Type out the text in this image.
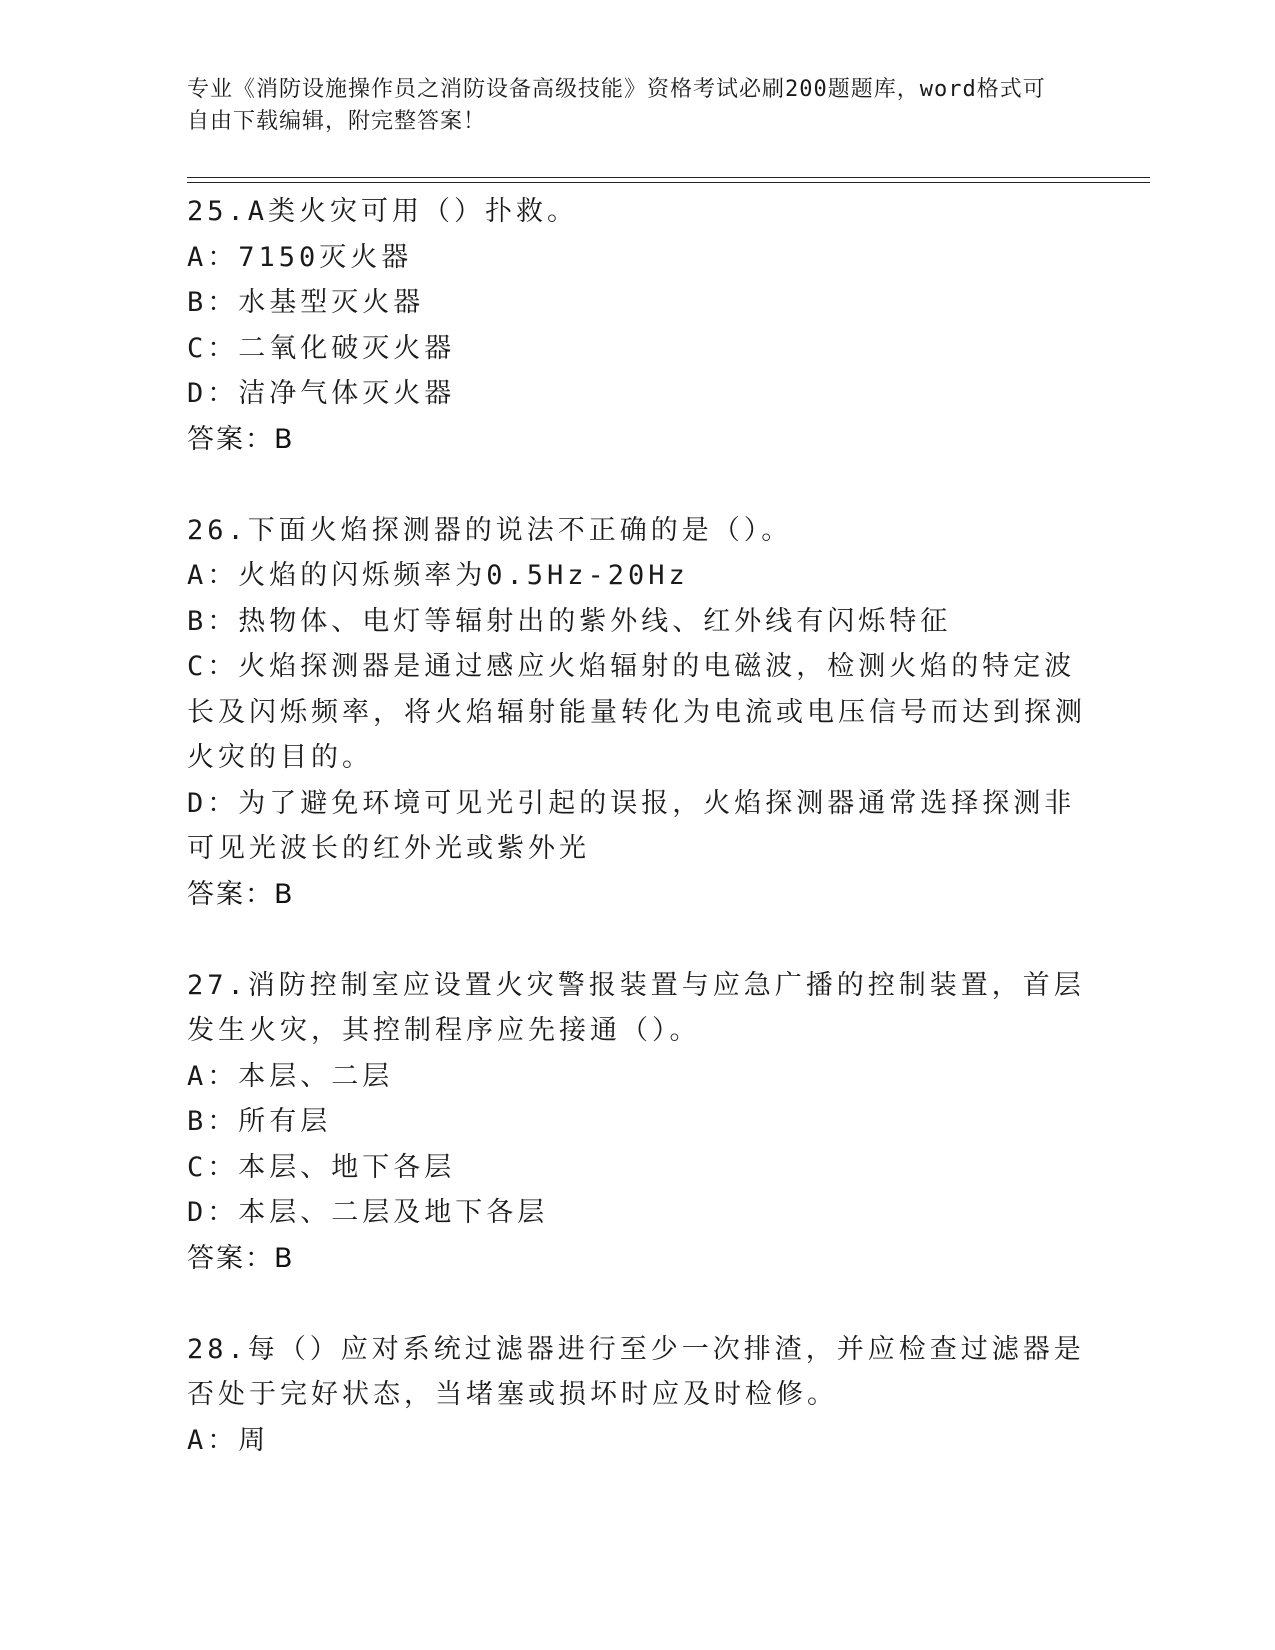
专业《消防设施操作员之消防设备高级技能》资格考试必刷200题题库，word格式可自由下载编辑，附完整答案！
25.A类火灾可用（）扑救。
A：7150灭火器
B：水基型灭火器
C：二氧化破灭火器
D：洁净气体灭火器
答案：B
26.下面火焰探测器的说法不正确的是（）。
A：火焰的闪烁频率为0.5Hz-20Hz
B：热物体、电灯等辐射出的紫外线、红外线有闪烁特征
C：火焰探测器是通过感应火焰辐射的电磁波，检测火焰的特定波长及闪烁频率，将火焰辐射能量转化为电流或电压信号而达到探测火灾的目的。
D：为了避免环境可见光引起的误报，火焰探测器通常选择探测非可见光波长的红外光或紫外光
答案：B
27.消防控制室应设置火灾警报装置与应急广播的控制装置，首层发生火灾，其控制程序应先接通（）。
A：本层、二层
B：所有层
C：本层、地下各层
D：本层、二层及地下各层
答案：B
28.每（）应对系统过滤器进行至少一次排渣，并应检查过滤器是否处于完好状态，当堵塞或损坏时应及时检修。
A：周
